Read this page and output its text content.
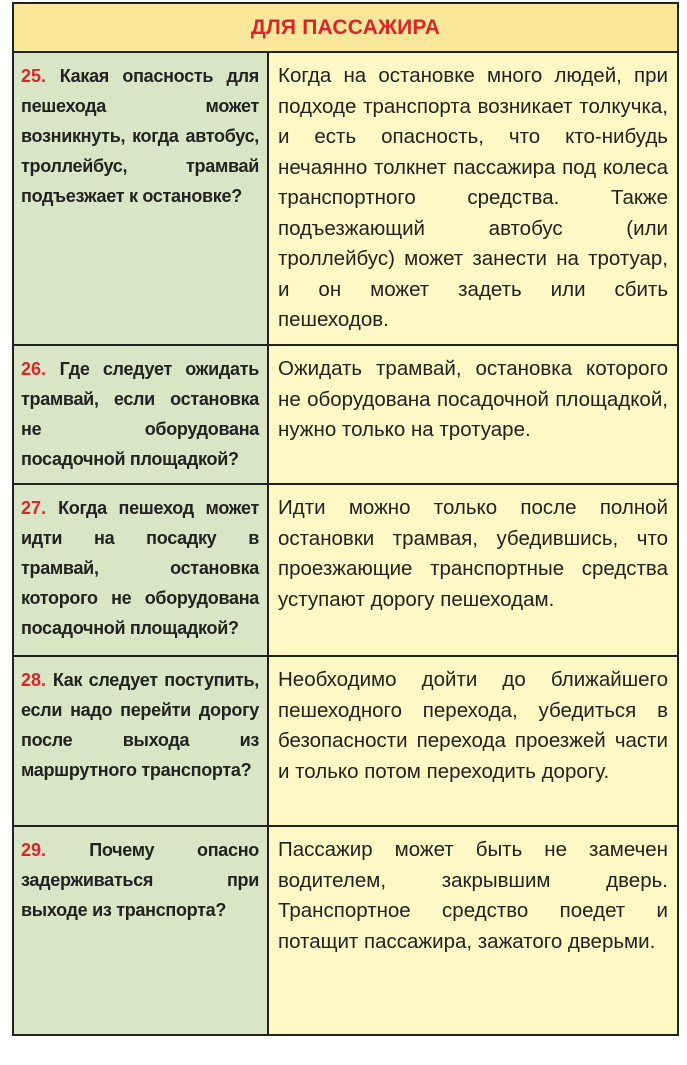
ДЛЯ ПАССАЖИРА
25. Какая опасность для пешехода может возникнуть, когда автобус, троллейбус, трамвай подъезжает к остановке?
Когда на остановке много людей, при подходе транспорта возникает толкучка, и есть опасность, что кто-нибудь нечаянно толкнет пассажира под колеса транспортного средства. Также подъезжающий автобус (или троллейбус) может занести на тротуар, и он может задеть или сбить пешеходов.
26. Где следует ожидать трамвай, если остановка не оборудована посадочной площадкой?
Ожидать трамвай, остановка которого не оборудована посадочной площадкой, нужно только на тротуаре.
27. Когда пешеход может идти на посадку в трамвай, остановка которого не оборудована посадочной площадкой?
Идти можно только после полной остановки трамвая, убедившись, что проезжающие транспортные средства уступают дорогу пешеходам.
28. Как следует поступить, если надо перейти дорогу после выхода из маршрутного транспорта?
Необходимо дойти до ближайшего пешеходного перехода, убедиться в безопасности перехода проезжей части и только потом переходить дорогу.
29. Почему опасно задерживаться при выходе из транспорта?
Пассажир может быть не замечен водителем, закрывшим дверь. Транспортное средство поедет и потащит пассажира, зажатого дверьми.
